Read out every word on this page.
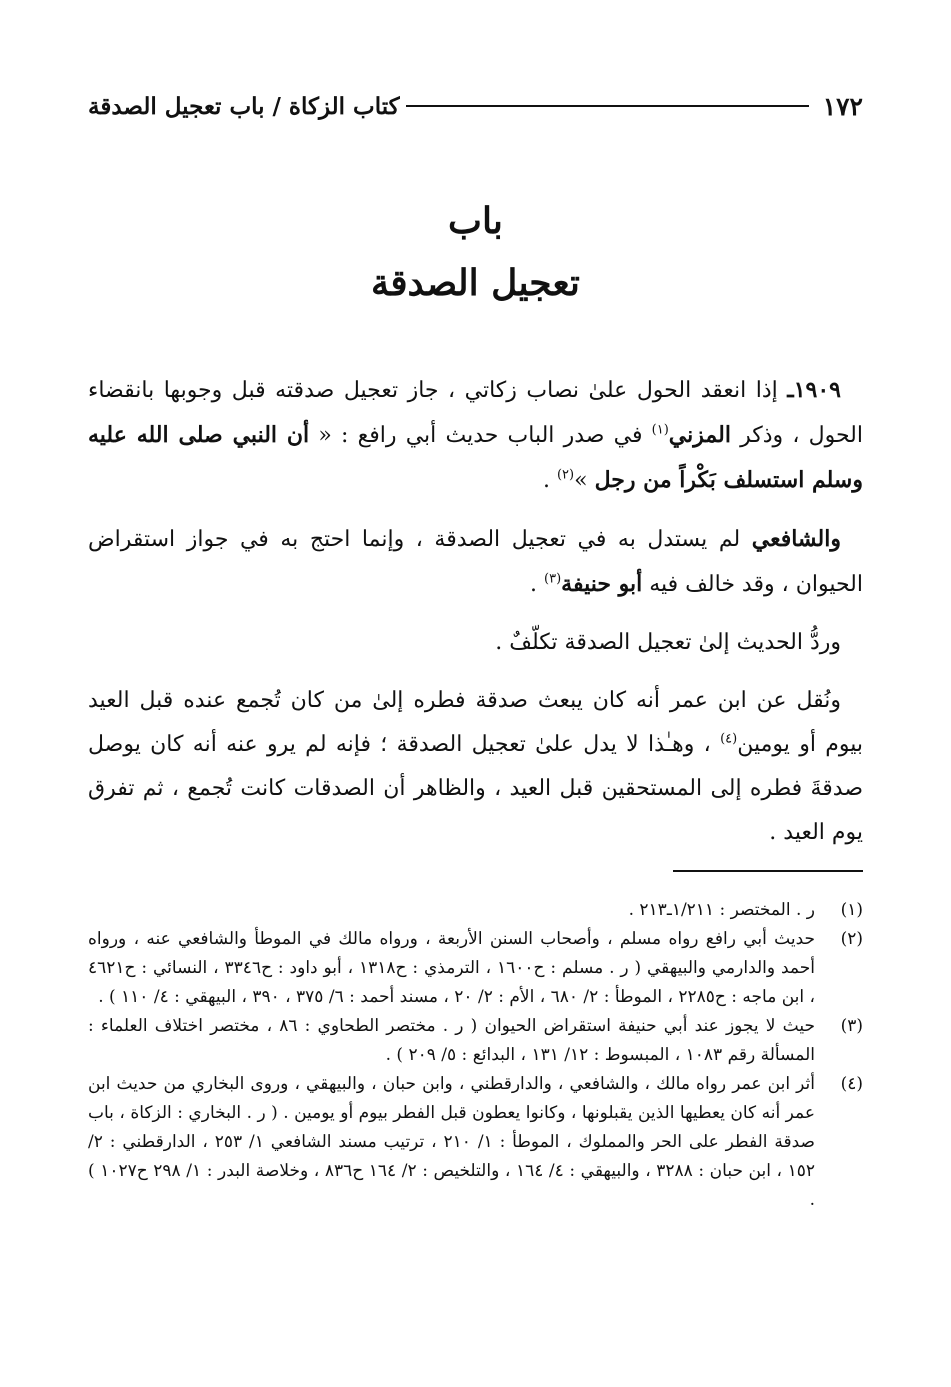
١٧٢
كتاب الزكاة / باب تعجيل الصدقة
باب
تعجيل الصدقة

١٩٠٩ـ إذا انعقد الحول علىٰ نصاب زكاتي ، جاز تعجيل صدقته قبل وجوبها بانقضاء الحول ، وذكر المزني$^{(١)}$ في صدر الباب حديث أبي رافع : « أن النبي صلى الله عليه وسلم استسلف بَكْراً من رجل »$^{(٢)}$ .

والشافعي لم يستدل به في تعجيل الصدقة ، وإنما احتج به في جواز استقراض الحيوان ، وقد خالف فيه أبو حنيفة$^{(٣)}$ .

وردُّ الحديث إلىٰ تعجيل الصدقة تكلّفٌ .

ونُقل عن ابن عمر أنه كان يبعث صدقة فطره إلىٰ من كان تُجمع عنده قبل العيد بيوم أو يومين$^{(٤)}$ ، وهـٰذا لا يدل علىٰ تعجيل الصدقة ؛ فإنه لم يرو عنه أنه كان يوصل صدقةَ فطره إلى المستحقين قبل العيد ، والظاهر أن الصدقات كانت تُجمع ، ثم تفرق يوم العيد .

(١)
ر . المختصر : ١/٢١١ـ٢١٣ .
(٢)
حديث أبي رافع رواه مسلم ، وأصحاب السنن الأربعة ، ورواه مالك في الموطأ والشافعي عنه ، ورواه أحمد والدارمي والبيهقي ( ر . مسلم : ح١٦٠٠ ، الترمذي : ح١٣١٨ ، أبو داود : ح٣٣٤٦ ، النسائي : ح٤٦٢١ ، ابن ماجه : ح٢٢٨٥ ، الموطأ : ٢/ ٦٨٠ ، الأم : ٢/ ٢٠ ، مسند أحمد : ٦/ ٣٧٥ ، ٣٩٠ ، البيهقي : ٤/ ١١٠ ) .
(٣)
حيث لا يجوز عند أبي حنيفة استقراض الحيوان ( ر . مختصر الطحاوي : ٨٦ ، مختصر اختلاف العلماء : المسألة رقم ١٠٨٣ ، المبسوط : ١٢/ ١٣١ ، البدائع : ٥/ ٢٠٩ ) .
(٤)
أثر ابن عمر رواه مالك ، والشافعي ، والدارقطني ، وابن حبان ، والبيهقي ، وروى البخاري من حديث ابن عمر أنه كان يعطيها الذين يقبلونها ، وكانوا يعطون قبل الفطر بيوم أو يومين . ( ر . البخاري : الزكاة ، باب صدقة الفطر على الحر والمملوك ، الموطأ : ١/ ٢١٠ ، ترتيب مسند الشافعي ١/ ٢٥٣ ، الدارقطني : ٢/ ١٥٢ ، ابن حبان : ٣٢٨٨ ، والبيهقي : ٤/ ١٦٤ ، والتلخيص : ٢/ ١٦٤ ح٨٣٦ ، وخلاصة البدر : ١/ ٢٩٨ ح١٠٢٧ ) .
